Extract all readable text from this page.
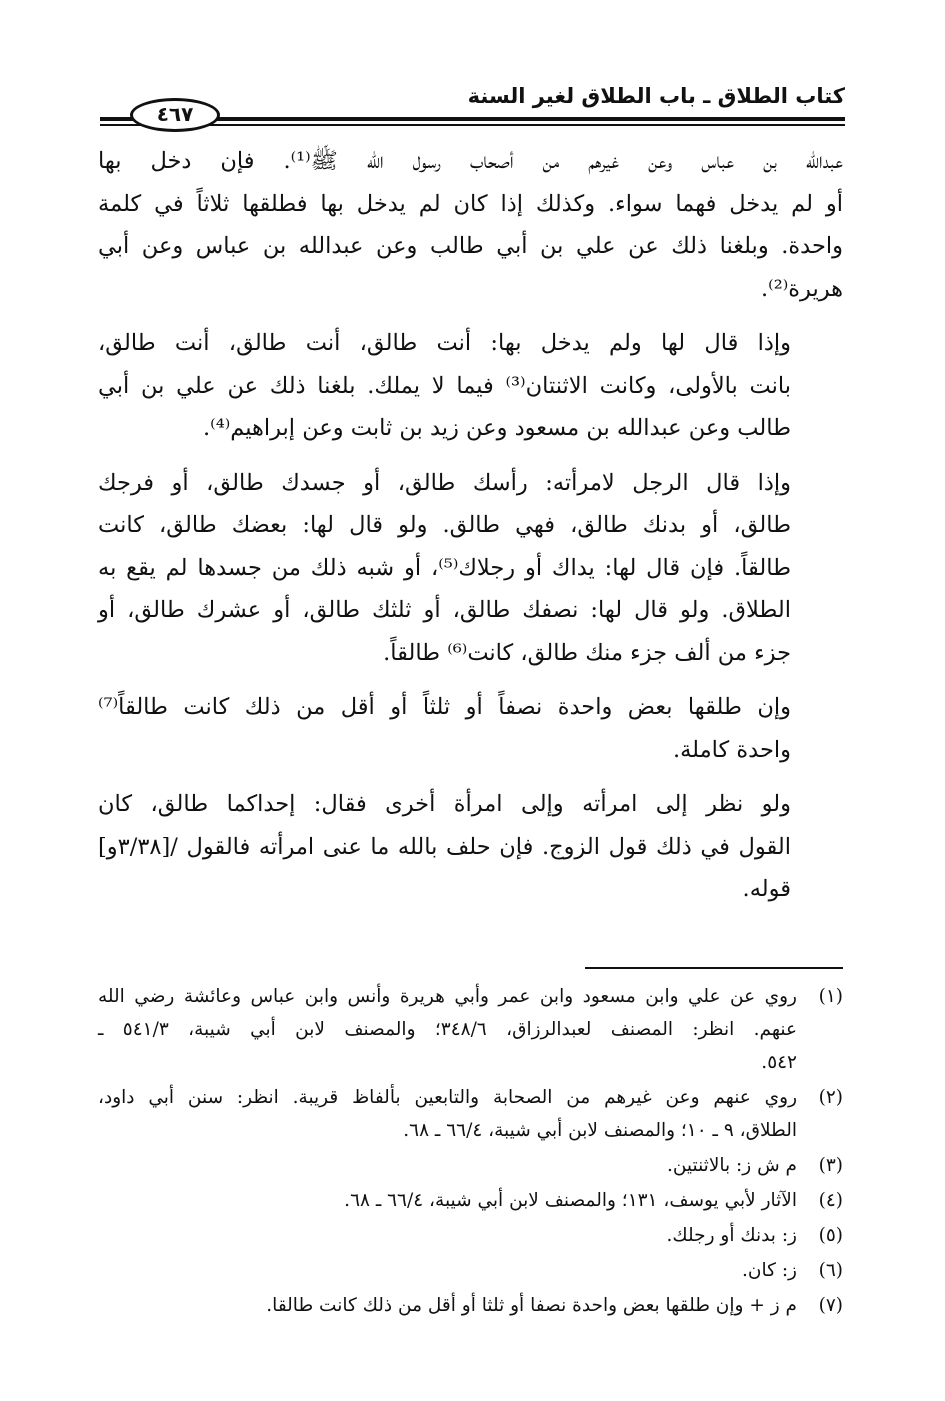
كتاب الطلاق ـ باب الطلاق لغير السنة
٤٦٧

عبدالله بن عباس وعن غيرهم من أصحاب رسول الله ﷺ⁽¹⁾. فإن دخل بها
أو لم يدخل فهما سواء. وكذلك إذا كان لم يدخل بها فطلقها ثلاثاً في كلمة
واحدة. وبلغنا ذلك عن علي بن أبي طالب وعن عبدالله بن عباس وعن أبي
هريرة⁽²⁾.

وإذا قال لها ولم يدخل بها: أنت طالق، أنت طالق، أنت طالق،
بانت بالأولى، وكانت الاثنتان⁽³⁾ فيما لا يملك. بلغنا ذلك عن علي بن أبي
طالب وعن عبدالله بن مسعود وعن زيد بن ثابت وعن إبراهيم⁽⁴⁾.

وإذا قال الرجل لامرأته: رأسك طالق، أو جسدك طالق، أو فرجك
طالق، أو بدنك طالق، فهي طالق. ولو قال لها: بعضك طالق، كانت
طالقاً. فإن قال لها: يداك أو رجلاك⁽⁵⁾، أو شبه ذلك من جسدها لم يقع به
الطلاق. ولو قال لها: نصفك طالق، أو ثلثك طالق، أو عشرك طالق، أو
جزء من ألف جزء منك طالق، كانت⁽⁶⁾ طالقاً.

وإن طلقها بعض واحدة نصفاً أو ثلثاً أو أقل من ذلك كانت طالقاً⁽⁷⁾
واحدة كاملة.

ولو نظر إلى امرأته وإلى امرأة أخرى فقال: إحداكما طالق، كان
القول في ذلك قول الزوج. فإن حلف بالله ما عنى امرأته فالقول /[٣/٣٨و]
قوله.

(١)
روي عن علي وابن مسعود وابن عمر وأبي هريرة وأنس وابن عباس وعائشة رضي الله
عنهم. انظر: المصنف لعبدالرزاق، ٣٤٨/٦؛ والمصنف لابن أبي شيبة، ٥٤١/٣ ـ
٥٤٢.
(٢)
روي عنهم وعن غيرهم من الصحابة والتابعين بألفاظ قريبة. انظر: سنن أبي داود،
الطلاق، ٩ ـ ١٠؛ والمصنف لابن أبي شيبة، ٦٦/٤ ـ ٦٨.
(٣)
م ش ز: بالاثنتين.
(٤)
الآثار لأبي يوسف، ١٣١؛ والمصنف لابن أبي شيبة، ٦٦/٤ ـ ٦٨.
(٥)
ز: بدنك أو رجلك.
(٦)
ز: كان.
(٧)
م ز + وإن طلقها بعض واحدة نصفا أو ثلثا أو أقل من ذلك كانت طالقا.
